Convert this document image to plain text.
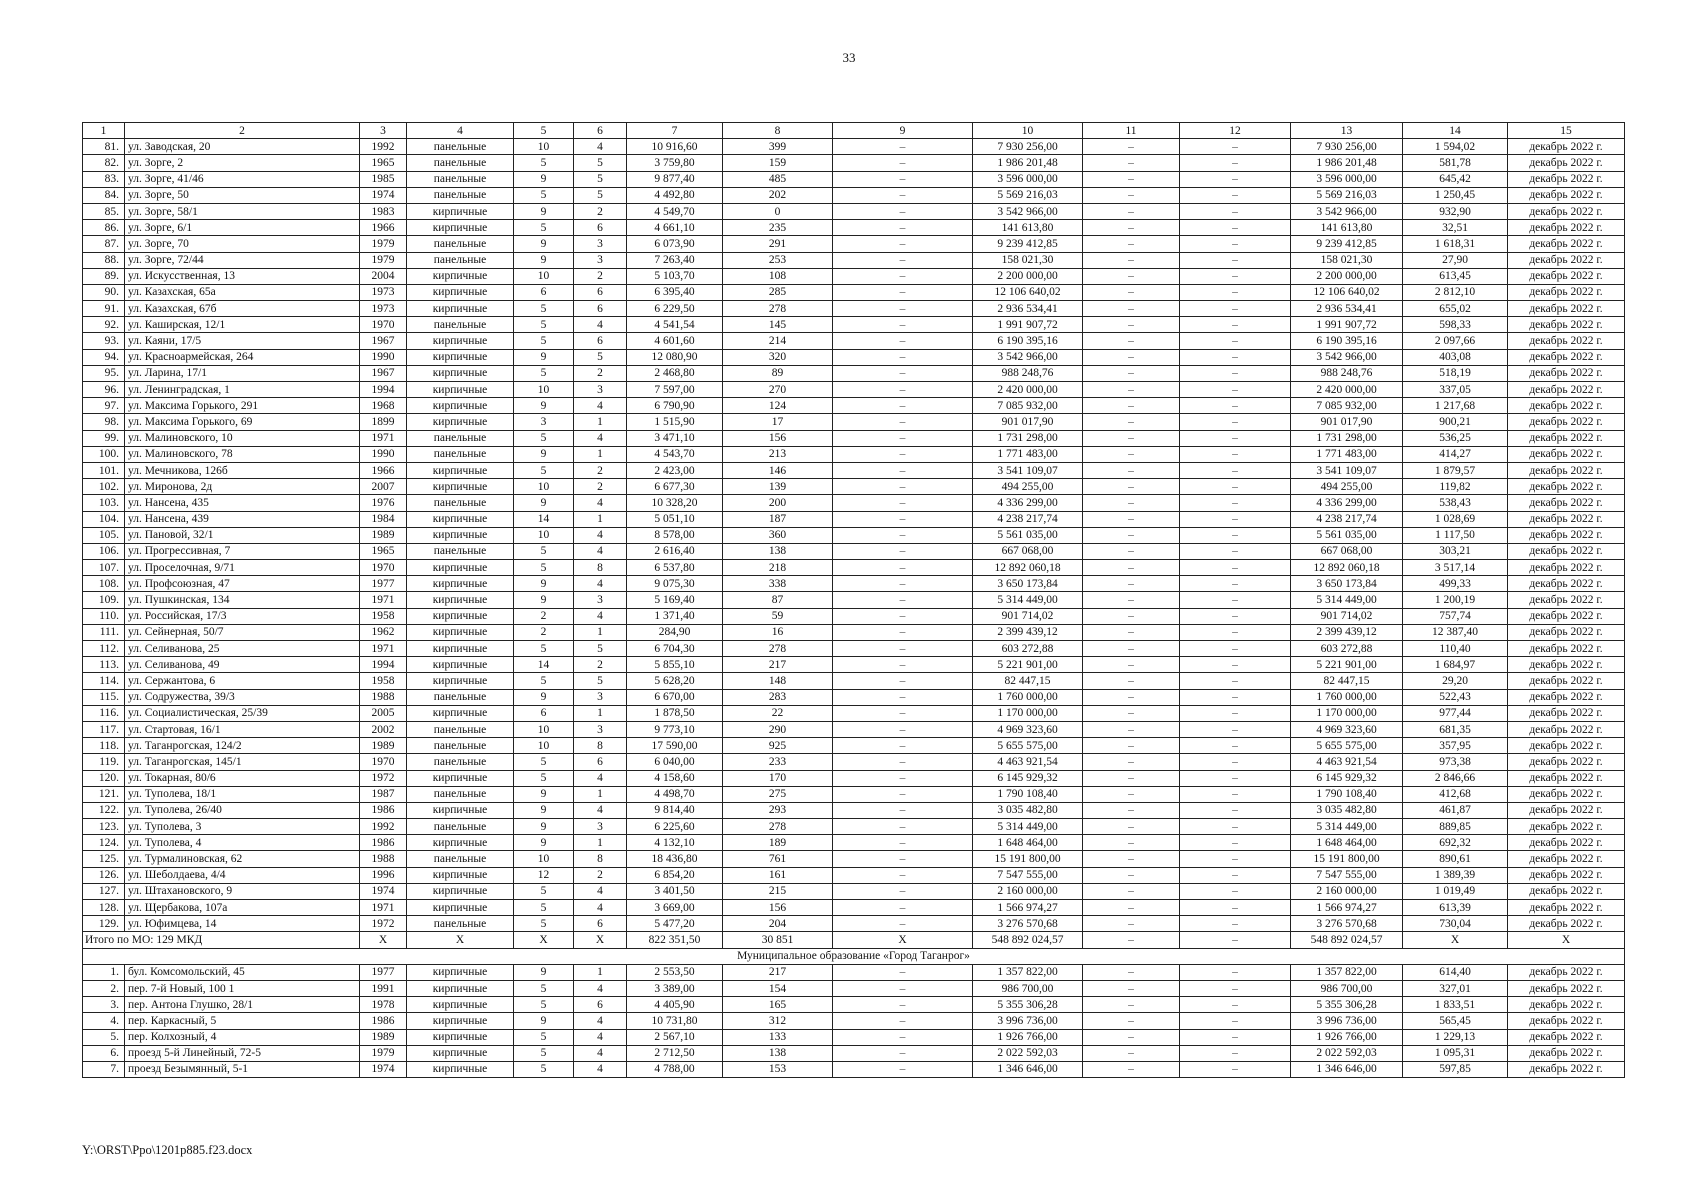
33
1	2	3	4	5	6	7	8	9	10	11	12	13	14	15
81.	ул. Заводская, 20	1992	панельные	10	4	10 916,60	399	–	7 930 256,00	–	–	7 930 256,00	1 594,02	декабрь 2022 г.
82.	ул. Зорге, 2	1965	панельные	5	5	3 759,80	159	–	1 986 201,48	–	–	1 986 201,48	581,78	декабрь 2022 г.
83.	ул. Зорге, 41/46	1985	панельные	9	5	9 877,40	485	–	3 596 000,00	–	–	3 596 000,00	645,42	декабрь 2022 г.
84.	ул. Зорге, 50	1974	панельные	5	5	4 492,80	202	–	5 569 216,03	–	–	5 569 216,03	1 250,45	декабрь 2022 г.
85.	ул. Зорге, 58/1	1983	кирпичные	9	2	4 549,70	0	–	3 542 966,00	–	–	3 542 966,00	932,90	декабрь 2022 г.
86.	ул. Зорге, 6/1	1966	кирпичные	5	6	4 661,10	235	–	141 613,80	–	–	141 613,80	32,51	декабрь 2022 г.
87.	ул. Зорге, 70	1979	панельные	9	3	6 073,90	291	–	9 239 412,85	–	–	9 239 412,85	1 618,31	декабрь 2022 г.
88.	ул. Зорге, 72/44	1979	панельные	9	3	7 263,40	253	–	158 021,30	–	–	158 021,30	27,90	декабрь 2022 г.
89.	ул. Искусственная, 13	2004	кирпичные	10	2	5 103,70	108	–	2 200 000,00	–	–	2 200 000,00	613,45	декабрь 2022 г.
90.	ул. Казахская, 65а	1973	кирпичные	6	6	6 395,40	285	–	12 106 640,02	–	–	12 106 640,02	2 812,10	декабрь 2022 г.
91.	ул. Казахская, 67б	1973	кирпичные	5	6	6 229,50	278	–	2 936 534,41	–	–	2 936 534,41	655,02	декабрь 2022 г.
92.	ул. Каширская, 12/1	1970	панельные	5	4	4 541,54	145	–	1 991 907,72	–	–	1 991 907,72	598,33	декабрь 2022 г.
93.	ул. Каяни, 17/5	1967	кирпичные	5	6	4 601,60	214	–	6 190 395,16	–	–	6 190 395,16	2 097,66	декабрь 2022 г.
94.	ул. Красноармейская, 264	1990	кирпичные	9	5	12 080,90	320	–	3 542 966,00	–	–	3 542 966,00	403,08	декабрь 2022 г.
95.	ул. Ларина, 17/1	1967	кирпичные	5	2	2 468,80	89	–	988 248,76	–	–	988 248,76	518,19	декабрь 2022 г.
96.	ул. Ленинградская, 1	1994	кирпичные	10	3	7 597,00	270	–	2 420 000,00	–	–	2 420 000,00	337,05	декабрь 2022 г.
97.	ул. Максима Горького, 291	1968	кирпичные	9	4	6 790,90	124	–	7 085 932,00	–	–	7 085 932,00	1 217,68	декабрь 2022 г.
98.	ул. Максима Горького, 69	1899	кирпичные	3	1	1 515,90	17	–	901 017,90	–	–	901 017,90	900,21	декабрь 2022 г.
99.	ул. Малиновского, 10	1971	панельные	5	4	3 471,10	156	–	1 731 298,00	–	–	1 731 298,00	536,25	декабрь 2022 г.
100.	ул. Малиновского, 78	1990	панельные	9	1	4 543,70	213	–	1 771 483,00	–	–	1 771 483,00	414,27	декабрь 2022 г.
101.	ул. Мечникова, 126б	1966	кирпичные	5	2	2 423,00	146	–	3 541 109,07	–	–	3 541 109,07	1 879,57	декабрь 2022 г.
102.	ул. Миронова, 2д	2007	кирпичные	10	2	6 677,30	139	–	494 255,00	–	–	494 255,00	119,82	декабрь 2022 г.
103.	ул. Нансена, 435	1976	панельные	9	4	10 328,20	200	–	4 336 299,00	–	–	4 336 299,00	538,43	декабрь 2022 г.
104.	ул. Нансена, 439	1984	кирпичные	14	1	5 051,10	187	–	4 238 217,74	–	–	4 238 217,74	1 028,69	декабрь 2022 г.
105.	ул. Пановой, 32/1	1989	кирпичные	10	4	8 578,00	360	–	5 561 035,00	–	–	5 561 035,00	1 117,50	декабрь 2022 г.
106.	ул. Прогрессивная, 7	1965	панельные	5	4	2 616,40	138	–	667 068,00	–	–	667 068,00	303,21	декабрь 2022 г.
107.	ул. Проселочная, 9/71	1970	кирпичные	5	8	6 537,80	218	–	12 892 060,18	–	–	12 892 060,18	3 517,14	декабрь 2022 г.
108.	ул. Профсоюзная, 47	1977	кирпичные	9	4	9 075,30	338	–	3 650 173,84	–	–	3 650 173,84	499,33	декабрь 2022 г.
109.	ул. Пушкинская, 134	1971	кирпичные	9	3	5 169,40	87	–	5 314 449,00	–	–	5 314 449,00	1 200,19	декабрь 2022 г.
110.	ул. Российская, 17/3	1958	кирпичные	2	4	1 371,40	59	–	901 714,02	–	–	901 714,02	757,74	декабрь 2022 г.
111.	ул. Сейнерная, 50/7	1962	кирпичные	2	1	284,90	16	–	2 399 439,12	–	–	2 399 439,12	12 387,40	декабрь 2022 г.
112.	ул. Селиванова, 25	1971	кирпичные	5	5	6 704,30	278	–	603 272,88	–	–	603 272,88	110,40	декабрь 2022 г.
113.	ул. Селиванова, 49	1994	кирпичные	14	2	5 855,10	217	–	5 221 901,00	–	–	5 221 901,00	1 684,97	декабрь 2022 г.
114.	ул. Сержантова, 6	1958	кирпичные	5	5	5 628,20	148	–	82 447,15	–	–	82 447,15	29,20	декабрь 2022 г.
115.	ул. Содружества, 39/3	1988	панельные	9	3	6 670,00	283	–	1 760 000,00	–	–	1 760 000,00	522,43	декабрь 2022 г.
116.	ул. Социалистическая, 25/39	2005	кирпичные	6	1	1 878,50	22	–	1 170 000,00	–	–	1 170 000,00	977,44	декабрь 2022 г.
117.	ул. Стартовая, 16/1	2002	панельные	10	3	9 773,10	290	–	4 969 323,60	–	–	4 969 323,60	681,35	декабрь 2022 г.
118.	ул. Таганрогская, 124/2	1989	панельные	10	8	17 590,00	925	–	5 655 575,00	–	–	5 655 575,00	357,95	декабрь 2022 г.
119.	ул. Таганрогская, 145/1	1970	панельные	5	6	6 040,00	233	–	4 463 921,54	–	–	4 463 921,54	973,38	декабрь 2022 г.
120.	ул. Токарная, 80/6	1972	кирпичные	5	4	4 158,60	170	–	6 145 929,32	–	–	6 145 929,32	2 846,66	декабрь 2022 г.
121.	ул. Туполева, 18/1	1987	панельные	9	1	4 498,70	275	–	1 790 108,40	–	–	1 790 108,40	412,68	декабрь 2022 г.
122.	ул. Туполева, 26/40	1986	кирпичные	9	4	9 814,40	293	–	3 035 482,80	–	–	3 035 482,80	461,87	декабрь 2022 г.
123.	ул. Туполева, 3	1992	панельные	9	3	6 225,60	278	–	5 314 449,00	–	–	5 314 449,00	889,85	декабрь 2022 г.
124.	ул. Туполева, 4	1986	кирпичные	9	1	4 132,10	189	–	1 648 464,00	–	–	1 648 464,00	692,32	декабрь 2022 г.
125.	ул. Турмалиновская, 62	1988	панельные	10	8	18 436,80	761	–	15 191 800,00	–	–	15 191 800,00	890,61	декабрь 2022 г.
126.	ул. Шеболдаева, 4/4	1996	кирпичные	12	2	6 854,20	161	–	7 547 555,00	–	–	7 547 555,00	1 389,39	декабрь 2022 г.
127.	ул. Штахановского, 9	1974	кирпичные	5	4	3 401,50	215	–	2 160 000,00	–	–	2 160 000,00	1 019,49	декабрь 2022 г.
128.	ул. Щербакова, 107а	1971	кирпичные	5	4	3 669,00	156	–	1 566 974,27	–	–	1 566 974,27	613,39	декабрь 2022 г.
129.	ул. Юфимцева, 14	1972	панельные	5	6	5 477,20	204	–	3 276 570,68	–	–	3 276 570,68	730,04	декабрь 2022 г.
Итого по МО: 129 МКД		X	X	X	X	822 351,50	30 851	X	548 892 024,57	–	–	548 892 024,57	X	X
Муниципальное образование «Город Таганрог»														
1.	бул. Комсомольский, 45	1977	кирпичные	9	1	2 553,50	217	–	1 357 822,00	–	–	1 357 822,00	614,40	декабрь 2022 г.
2.	пер. 7-й Новый, 100 1	1991	кирпичные	5	4	3 389,00	154	–	986 700,00	–	–	986 700,00	327,01	декабрь 2022 г.
3.	пер. Антона Глушко, 28/1	1978	кирпичные	5	6	4 405,90	165	–	5 355 306,28	–	–	5 355 306,28	1 833,51	декабрь 2022 г.
4.	пер. Каркасный, 5	1986	кирпичные	9	4	10 731,80	312	–	3 996 736,00	–	–	3 996 736,00	565,45	декабрь 2022 г.
5.	пер. Колхозный, 4	1989	кирпичные	5	4	2 567,10	133	–	1 926 766,00	–	–	1 926 766,00	1 229,13	декабрь 2022 г.
6.	проезд 5-й Линейный, 72-5	1979	кирпичные	5	4	2 712,50	138	–	2 022 592,03	–	–	2 022 592,03	1 095,31	декабрь 2022 г.
7.	проезд Безымянный, 5-1	1974	кирпичные	5	4	4 788,00	153	–	1 346 646,00	–	–	1 346 646,00	597,85	декабрь 2022 г.
Y:\ORST\Ppo\1201p885.f23.docx
